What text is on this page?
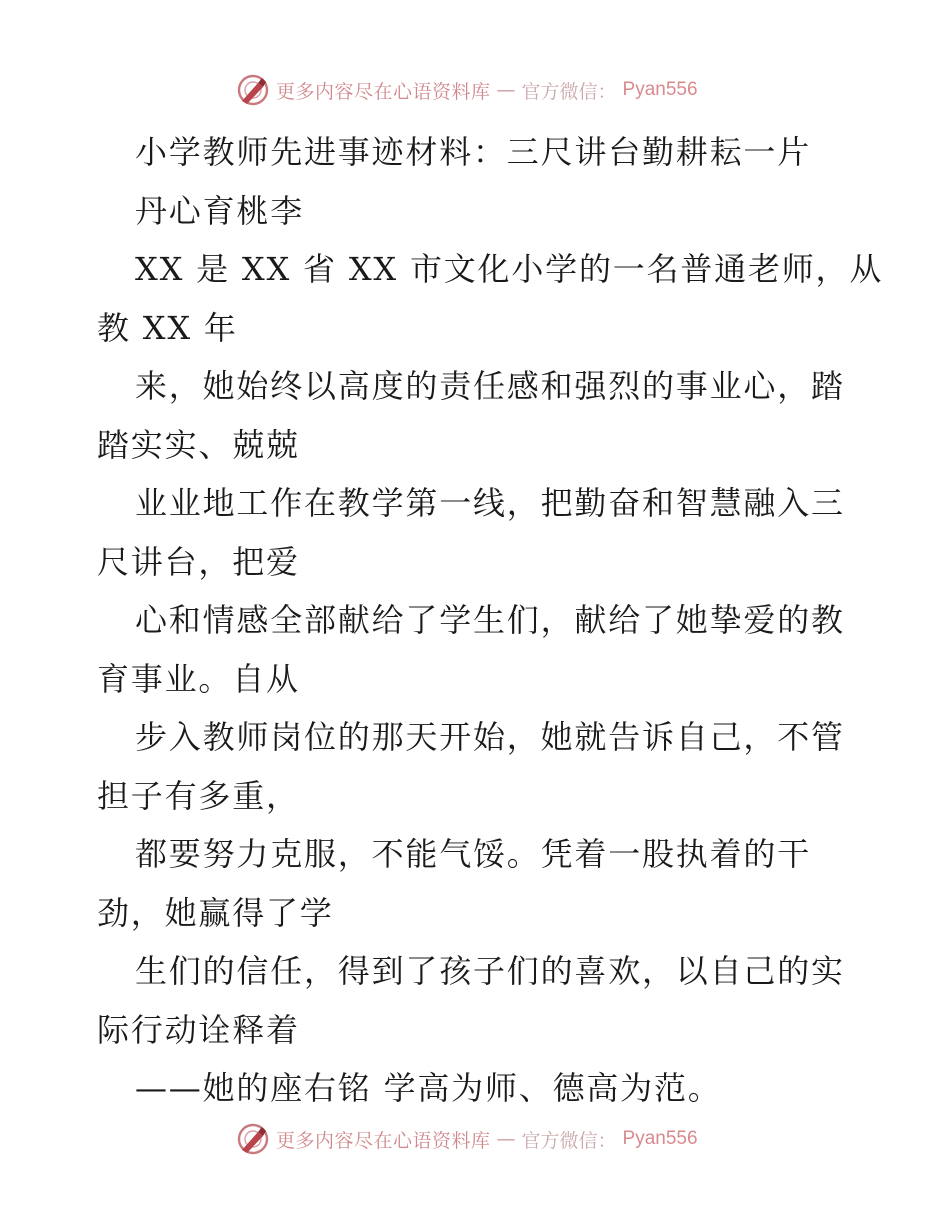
更多内容尽在心语资料库 — 官方微信： Pyan556
小学教师先进事迹材料：三尺讲台勤耕耘一片
丹心育桃李
XX 是 XX 省 XX 市文化小学的一名普通老师，从
教 XX 年
来，她始终以高度的责任感和强烈的事业心，踏
踏实实、兢兢
业业地工作在教学第一线，把勤奋和智慧融入三
尺讲台，把爱
心和情感全部献给了学生们，献给了她挚爱的教
育事业。自从
步入教师岗位的那天开始，她就告诉自己，不管
担子有多重，
都要努力克服，不能气馁。凭着一股执着的干
劲，她赢得了学
生们的信任，得到了孩子们的喜欢，以自己的实
际行动诠释着
——她的座右铭 学高为师、德高为范。
更多内容尽在心语资料库 — 官方微信： Pyan556
